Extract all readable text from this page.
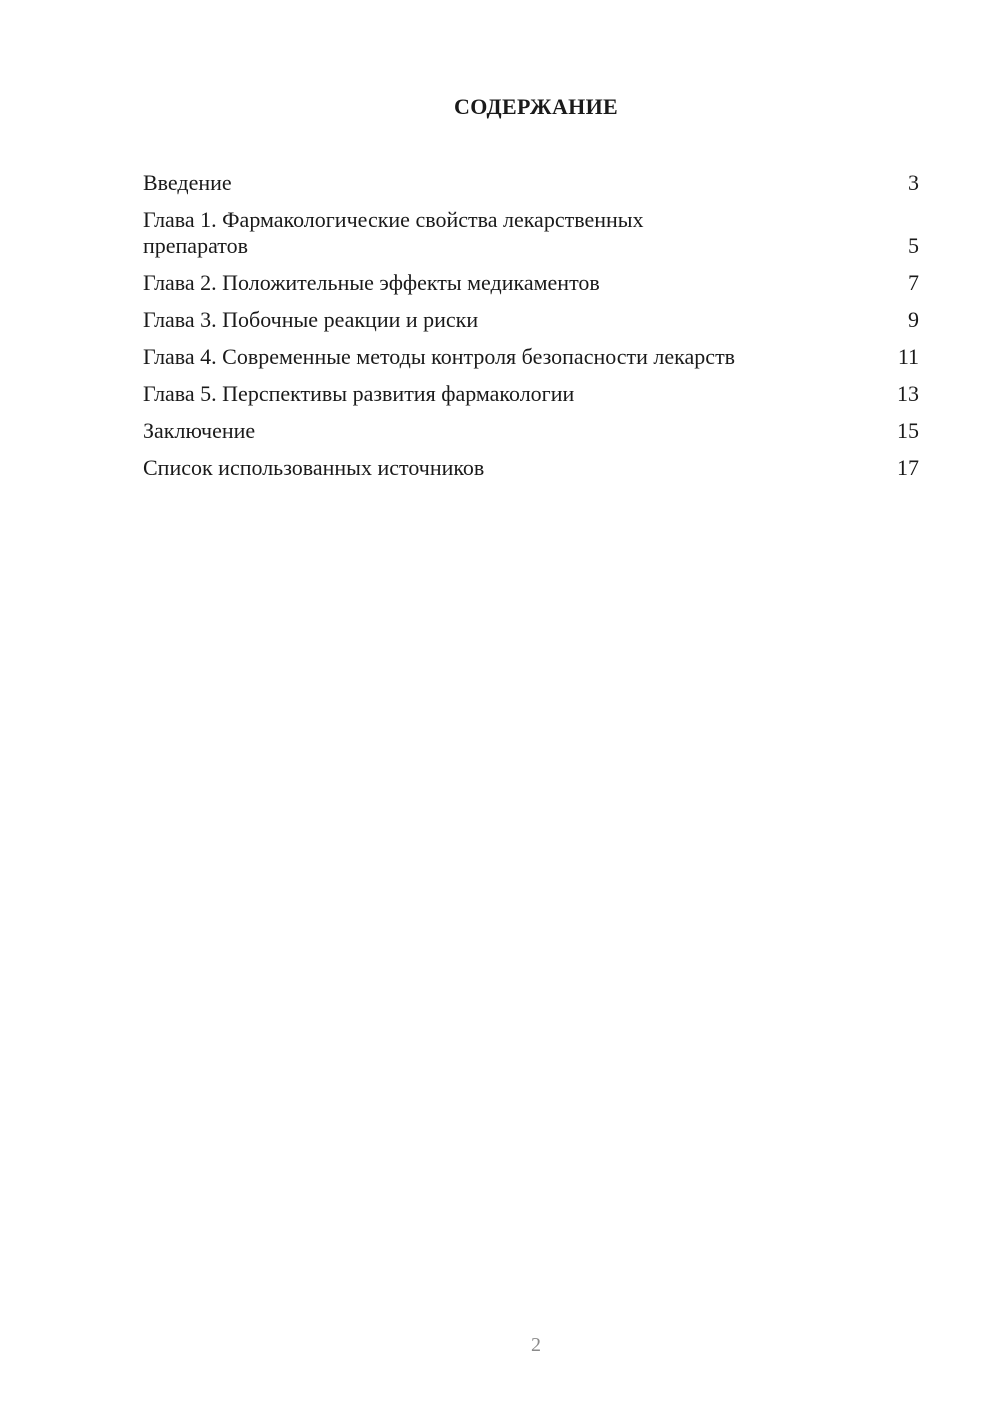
СОДЕРЖАНИЕ
Введение	3
Глава 1. Фармакологические свойства лекарственных препаратов	5
Глава 2. Положительные эффекты медикаментов	7
Глава 3. Побочные реакции и риски	9
Глава 4. Современные методы контроля безопасности лекарств	11
Глава 5. Перспективы развития фармакологии	13
Заключение	15
Список использованных источников	17
2
